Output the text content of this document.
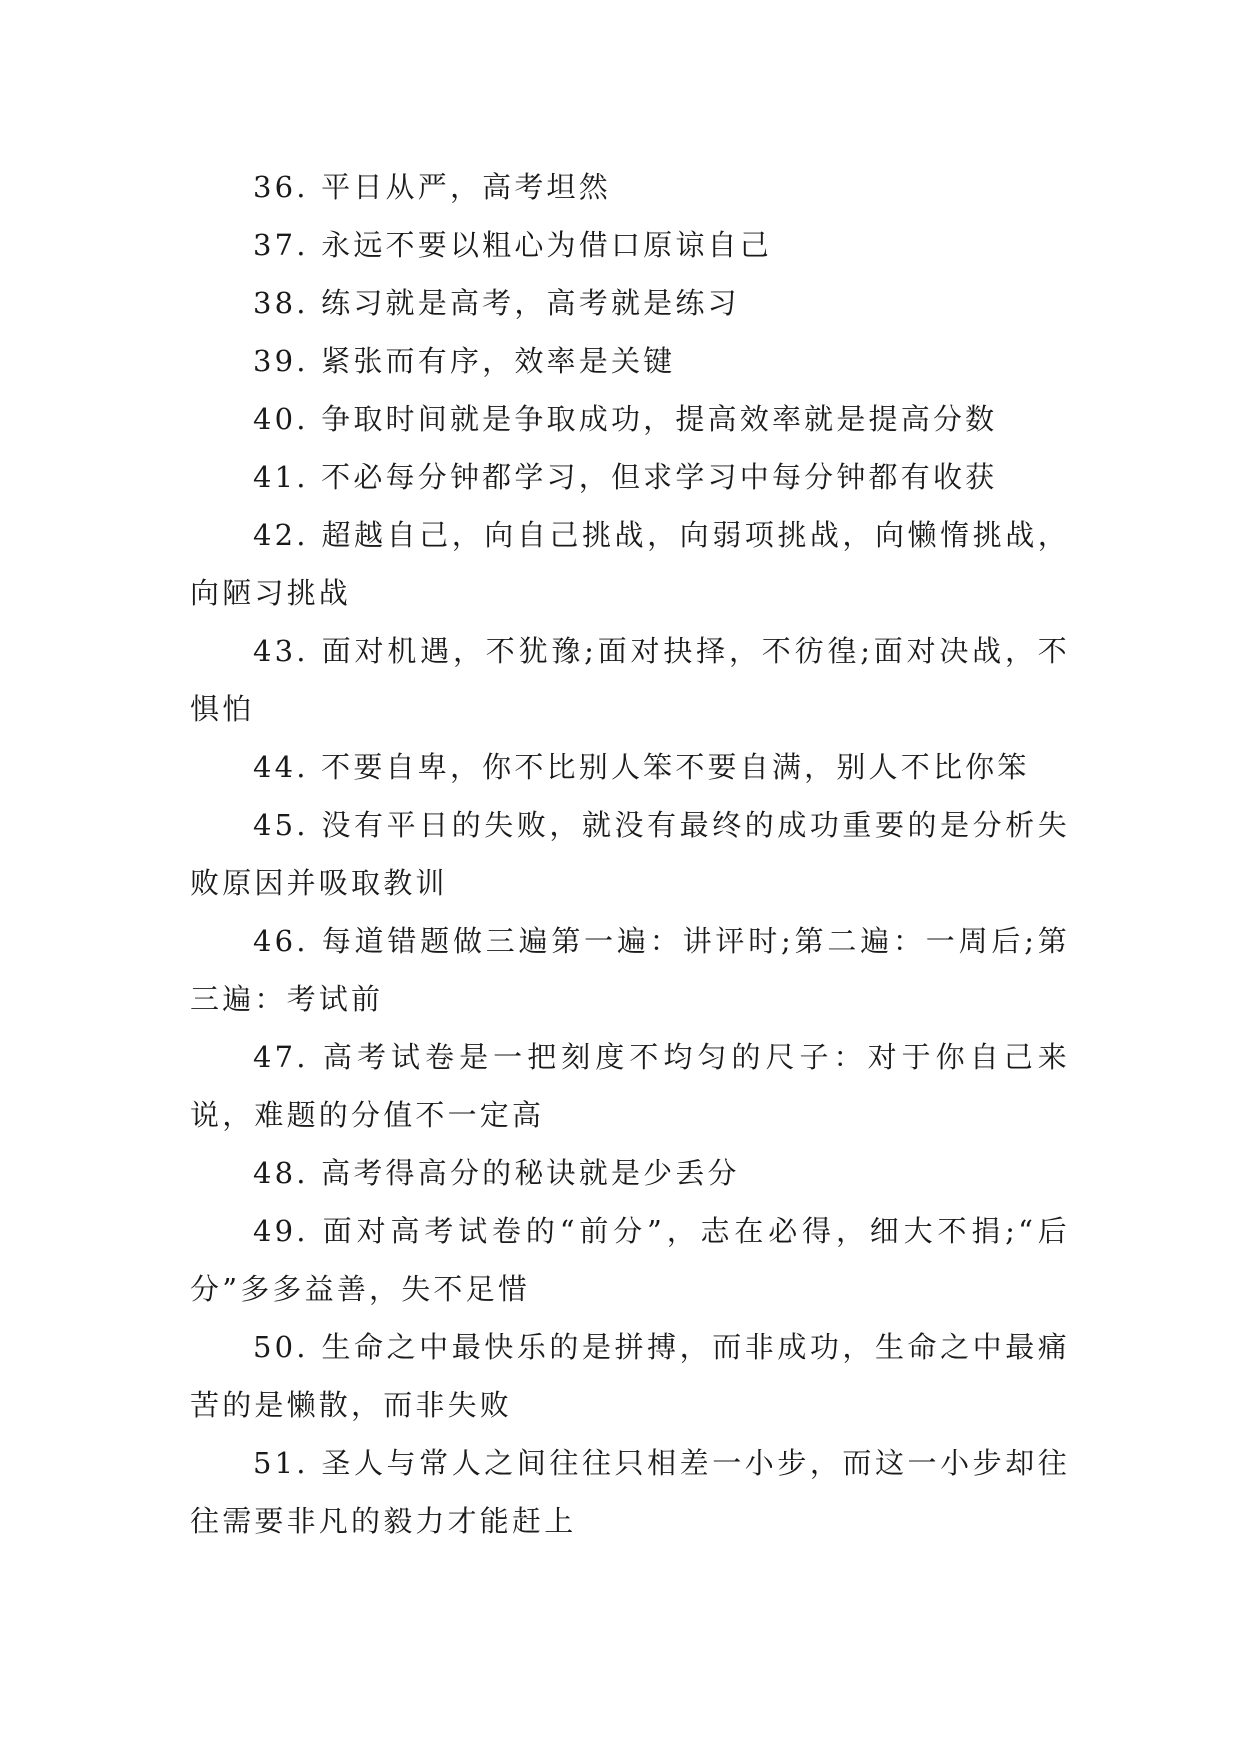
36. 平日从严，高考坦然

37. 永远不要以粗心为借口原谅自己

38. 练习就是高考，高考就是练习

39. 紧张而有序，效率是关键

40. 争取时间就是争取成功，提高效率就是提高分数

41. 不必每分钟都学习，但求学习中每分钟都有收获

42. 超越自己，向自己挑战，向弱项挑战，向懒惰挑战，向陋习挑战

43. 面对机遇，不犹豫;面对抉择，不彷徨;面对决战，不惧怕

44. 不要自卑，你不比别人笨不要自满，别人不比你笨

45. 没有平日的失败，就没有最终的成功重要的是分析失败原因并吸取教训

46. 每道错题做三遍第一遍：讲评时;第二遍：一周后;第三遍：考试前

47. 高考试卷是一把刻度不均匀的尺子：对于你自己来说，难题的分值不一定高

48. 高考得高分的秘诀就是少丢分

49. 面对高考试卷的“前分”，志在必得，细大不捐;“后分”多多益善，失不足惜

50. 生命之中最快乐的是拼搏，而非成功，生命之中最痛苦的是懒散，而非失败

51. 圣人与常人之间往往只相差一小步，而这一小步却往往需要非凡的毅力才能赶上
